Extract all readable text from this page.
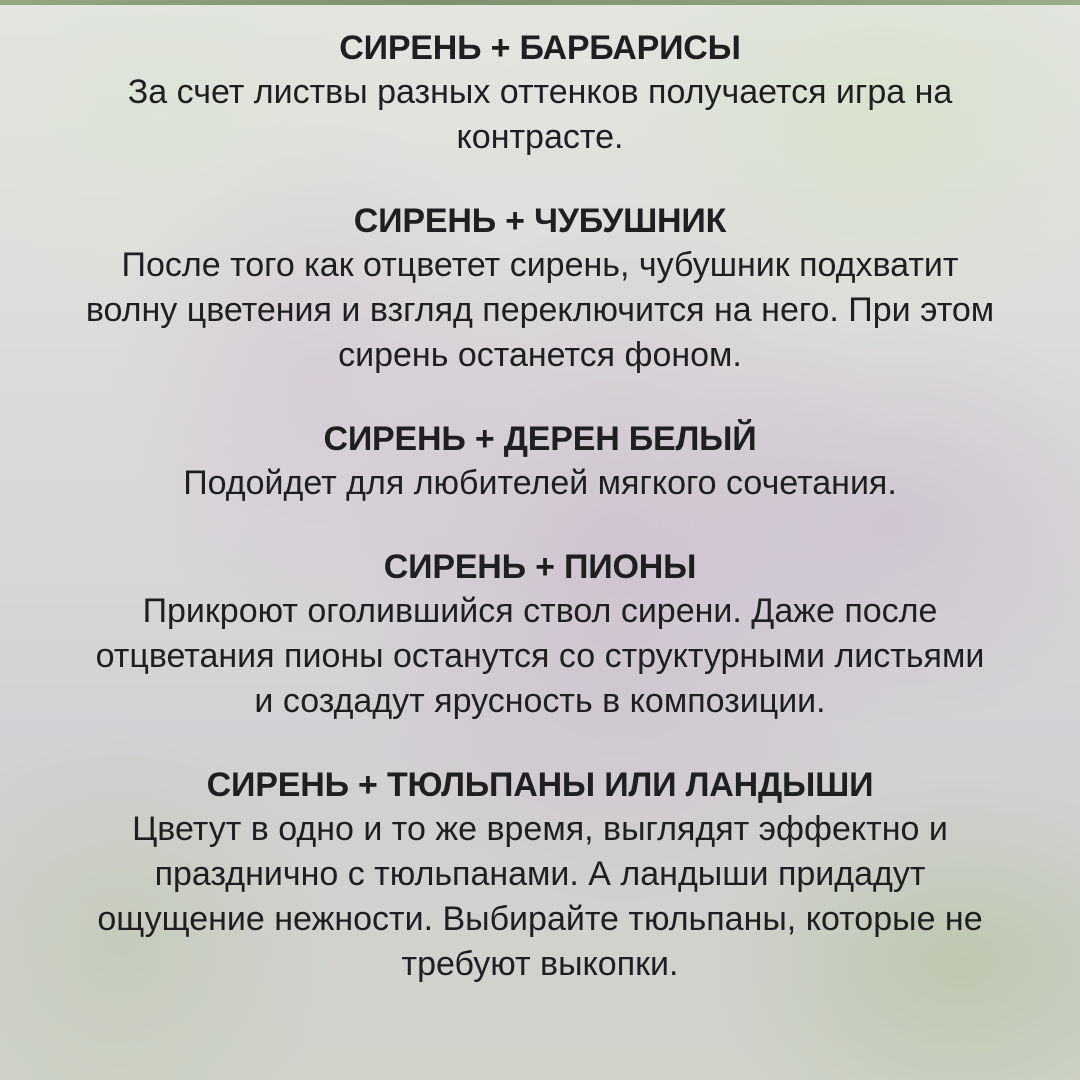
СИРЕНЬ + БАРБАРИСЫ

За счет листвы разных оттенков получается игра на
контрасте.

СИРЕНЬ + ЧУБУШНИК

После того как отцветет сирень, чубушник подхватит
волну цветения и взгляд переключится на него. При этом
сирень останется фоном.

СИРЕНЬ + ДЕРЕН БЕЛЫЙ

Подойдет для любителей мягкого сочетания.

СИРЕНЬ + ПИОНЫ

Прикроют оголившийся ствол сирени. Даже после
отцветания пионы останутся со структурными листьями
и создадут ярусность в композиции.

СИРЕНЬ + ТЮЛЬПАНЫ ИЛИ ЛАНДЫШИ

Цветут в одно и то же время, выглядят эффектно и
празднично с тюльпанами. А ландыши придадут
ощущение нежности. Выбирайте тюльпаны, которые не
требуют выкопки.
